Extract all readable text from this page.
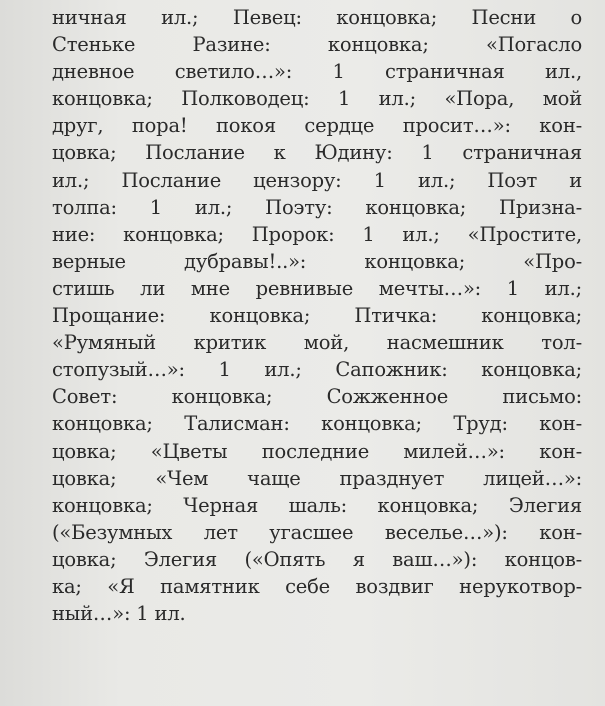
ничная ил.; Певец: концовка; Песни о
Стеньке Разине: концовка; «Погасло
дневное светило…»: 1 страничная ил.,
концовка; Полководец: 1 ил.; «Пора, мой
друг, пора! покоя сердце просит…»: кон-
цовка; Послание к Юдину: 1 страничная
ил.; Послание цензору: 1 ил.; Поэт и
толпа: 1 ил.; Поэту: концовка; Призна-
ние: концовка; Пророк: 1 ил.; «Простите,
верные дубравы!..»: концовка; «Про-
стишь ли мне ревнивые мечты…»: 1 ил.;
Прощание: концовка; Птичка: концовка;
«Румяный критик мой, насмешник тол-
стопузый…»: 1 ил.; Сапожник: концовка;
Совет: концовка; Сожженное письмо:
концовка; Талисман: концовка; Труд: кон-
цовка; «Цветы последние милей…»: кон-
цовка; «Чем чаще празднует лицей…»:
концовка; Черная шаль: концовка; Элегия
(«Безумных лет угасшее веселье…»): кон-
цовка; Элегия («Опять я ваш…»): концов-
ка; «Я памятник себе воздвиг нерукотвор-
ный…»: 1 ил.
